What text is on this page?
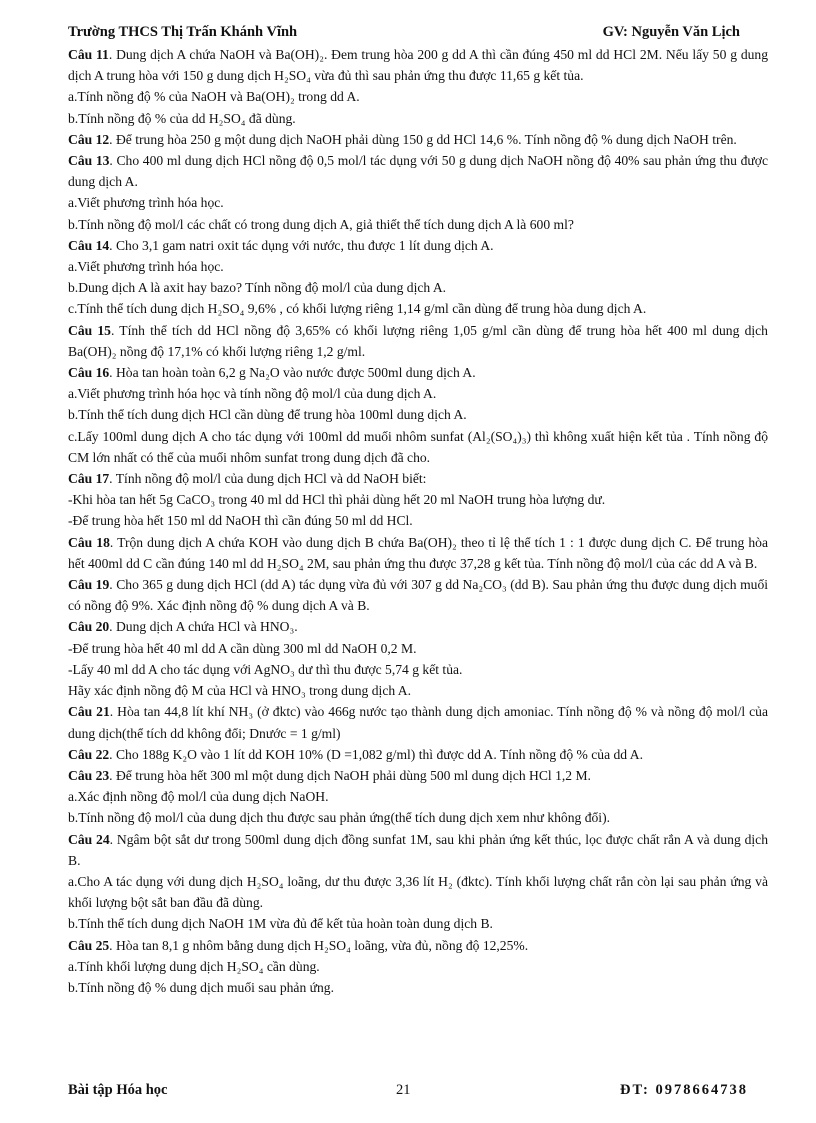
Trường THCS Thị Trấn Khánh Vĩnh	GV: Nguyễn Văn Lịch

Câu 11. Dung dịch A chứa NaOH và Ba(OH)₂. Đem trung hòa 200 g dd A thì cần đúng 450 ml dd HCl 2M. Nếu lấy 50 g dung dịch A trung hòa với 150 g dung dịch H₂SO₄ vừa đủ thì sau phản ứng thu được 11,65 g kết tủa.

a.Tính nồng độ % của NaOH và Ba(OH)₂ trong dd A.

b.Tính nồng độ % của dd H₂SO₄ đã dùng.

Câu 12. Để trung hòa 250 g một dung dịch NaOH phải dùng 150 g dd HCl 14,6 %. Tính nồng độ % dung dịch NaOH trên.

Câu 13. Cho 400 ml dung dịch HCl nồng độ 0,5 mol/l tác dụng với 50 g dung dịch NaOH nồng độ 40% sau phản ứng thu được dung dịch A.

a.Viết phương trình hóa học.

b.Tính nồng độ mol/l các chất có trong dung dịch A, giả thiết thể tích dung dịch A là 600 ml?

Câu 14. Cho 3,1 gam natri oxit tác dụng với nước, thu được 1 lít dung dịch A.

a.Viết phương trình hóa học.

b.Dung dịch A là axit hay bazo? Tính nồng độ mol/l của dung dịch A.

c.Tính thể tích dung dịch H₂SO₄ 9,6% , có khối lượng riêng 1,14 g/ml cần dùng để trung hòa dung dịch A.

Câu 15. Tính thể tích dd HCl nồng độ 3,65% có khối lượng riêng 1,05 g/ml cần dùng để trung hòa hết 400 ml dung dịch Ba(OH)₂ nồng độ 17,1% có khối lượng riêng 1,2 g/ml.

Câu 16. Hòa tan hoàn toàn 6,2 g Na₂O vào nước được 500ml dung dịch A.

a.Viết phương trình hóa học và tính nồng độ mol/l của dung dịch A.

b.Tính thể tích dung dịch HCl cần dùng để trung hòa 100ml dung dịch A.

c.Lấy 100ml dung dịch A cho tác dụng với 100ml dd muối nhôm sunfat (Al₂(SO₄)₃) thì không xuất hiện kết tủa . Tính nồng độ CM lớn nhất có thể của muối nhôm sunfat trong dung dịch đã cho.

Câu 17. Tính nồng độ mol/l của dung dịch HCl và dd NaOH biết:

-Khi hòa tan hết 5g CaCO₃ trong 40 ml dd HCl thì phải dùng hết 20 ml NaOH trung hòa lượng dư.

-Để trung hòa hết 150 ml dd NaOH thì cần đúng 50 ml dd HCl.

Câu 18. Trộn dung dịch A chứa KOH vào dung dịch B chứa Ba(OH)₂ theo tỉ lệ thể tích 1 : 1 được dung dịch C. Để trung hòa hết 400ml dd C cần đúng 140 ml dd H₂SO₄ 2M, sau phản ứng thu được 37,28 g kết tủa. Tính nồng độ mol/l của các dd A và B.

Câu 19. Cho 365 g dung dịch HCl (dd A) tác dụng vừa đủ với 307 g dd Na₂CO₃ (dd B). Sau phản ứng thu được dung dịch muối có nồng độ 9%. Xác định nồng độ % dung dịch A và B.

Câu 20. Dung dịch A chứa HCl và HNO₃.

-Để trung hòa hết 40 ml dd A cần dùng 300 ml dd NaOH 0,2 M.

-Lấy 40 ml dd A cho tác dụng với AgNO₃ dư thì thu được 5,74 g kết tủa.

Hãy xác định nồng độ M của HCl và HNO₃ trong dung dịch A.

Câu 21. Hòa tan 44,8 lít khí NH₃ (ở đktc) vào 466g nước tạo thành dung dịch amoniac. Tính nồng độ % và nồng độ mol/l của dung dịch(thể tích dd không đổi; Dnước = 1 g/ml)

Câu 22. Cho 188g K₂O vào 1 lít dd KOH 10% (D =1,082 g/ml) thì được dd A. Tính nồng độ % của dd A.

Câu 23. Để trung hòa hết 300 ml một dung dịch NaOH phải dùng 500 ml dung dịch HCl 1,2 M.

a.Xác định nồng độ mol/l của dung dịch NaOH.

b.Tính nồng độ mol/l của dung dịch thu được sau phản ứng(thể tích dung dịch xem như không đổi).

Câu 24. Ngâm bột sắt dư trong 500ml dung dịch đồng sunfat 1M, sau khi phản ứng kết thúc, lọc được chất rắn A và dung dịch B.

a.Cho A tác dụng với dung dịch H₂SO₄ loãng, dư thu được 3,36 lít H₂ (đktc). Tính khối lượng chất rắn còn lại sau phản ứng và khối lượng bột sắt ban đầu đã dùng.

b.Tính thể tích dung dịch NaOH 1M vừa đủ để kết tủa hoàn toàn dung dịch B.

Câu 25. Hòa tan 8,1 g nhôm bằng dung dịch H₂SO₄ loãng, vừa đủ, nồng độ 12,25%.

a.Tính khối lượng dung dịch H₂SO₄ cần dùng.

b.Tính nồng độ % dung dịch muối sau phản ứng.

Bài tập Hóa học	21	ĐT: 0978664738
